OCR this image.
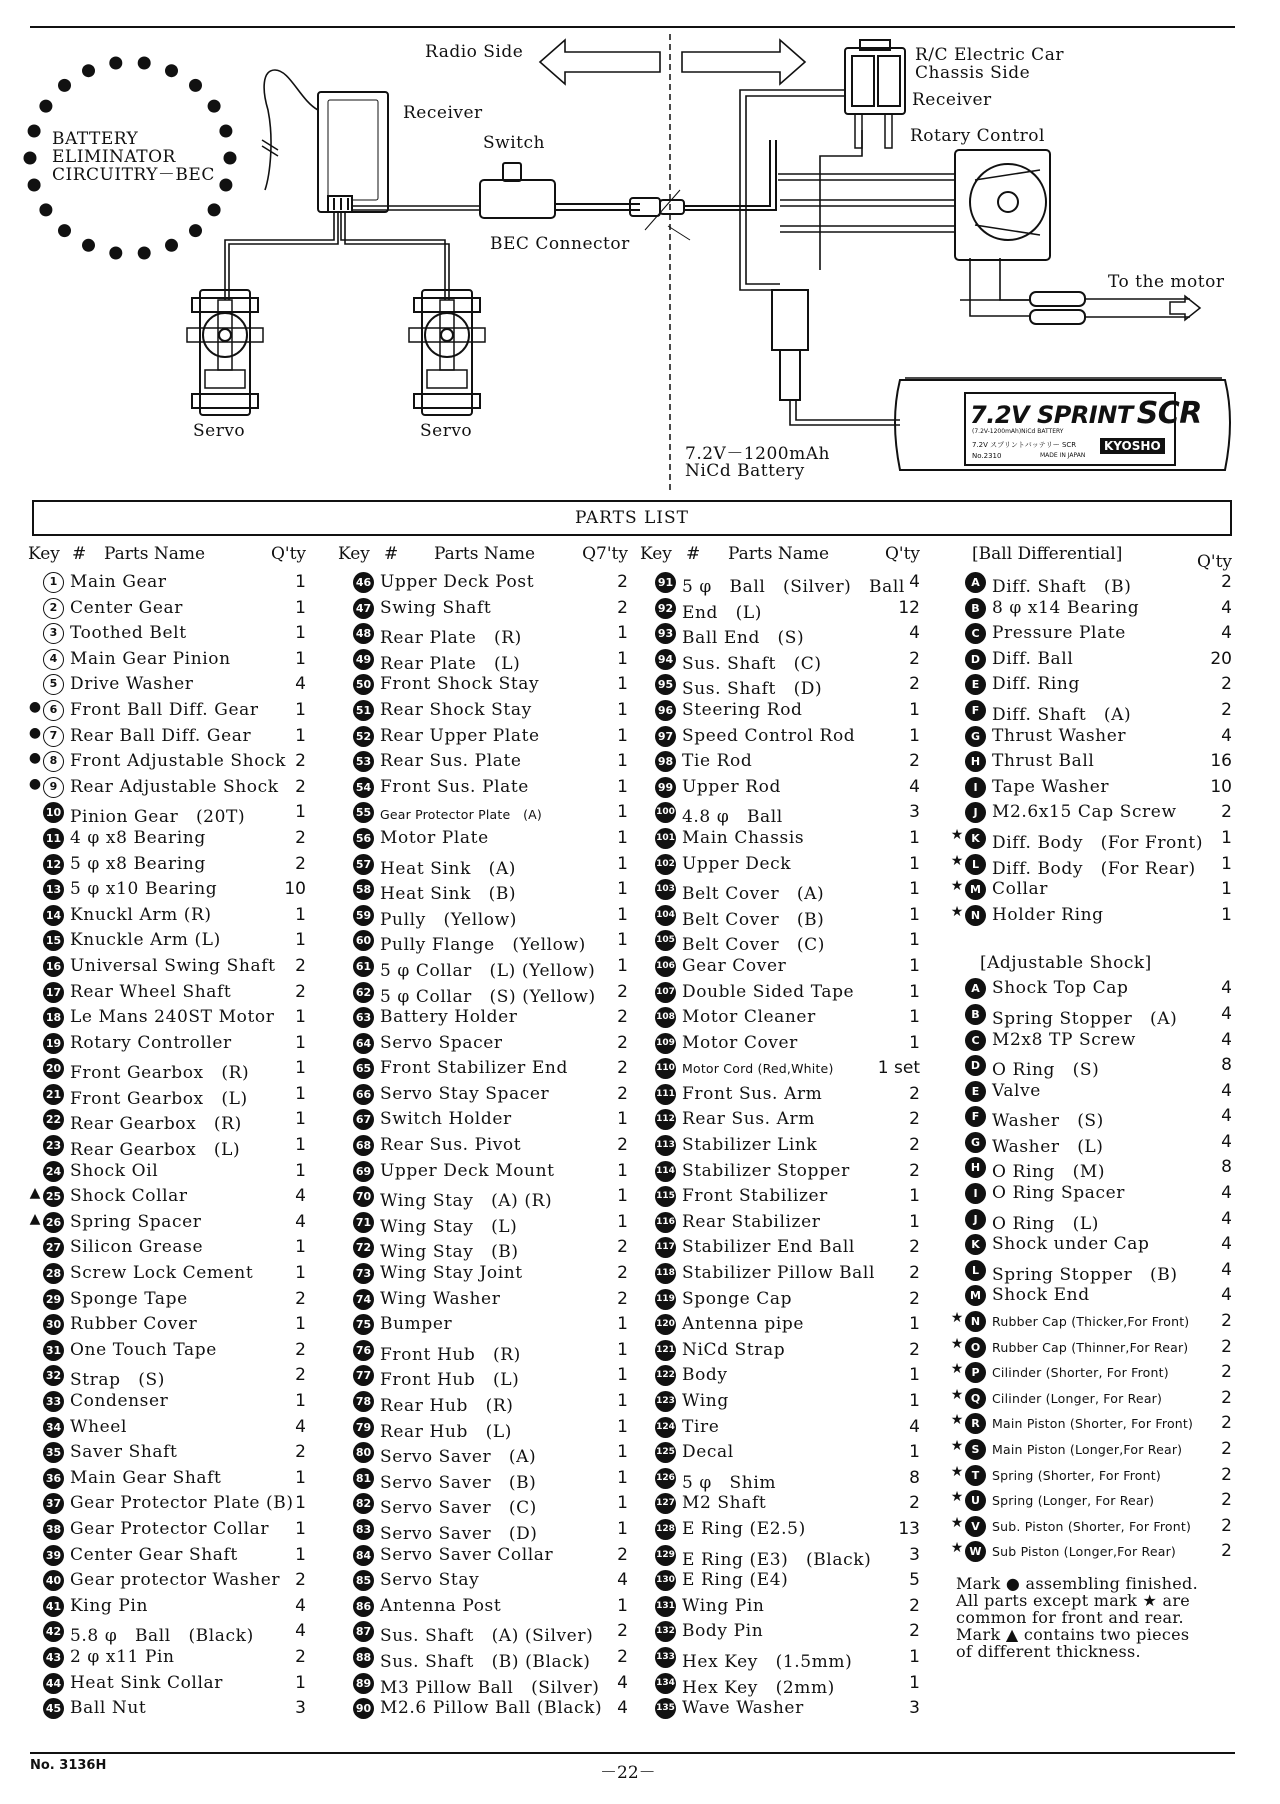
BATTERY
ELIMINATOR
CIRCUITRY－BEC
Radio Side	R/C Electric Car
Chassis Side
Receiver
Receiver
Switch	Rotary Control
BEC Connector
To the motor
Servo	Servo
7.2V－1200mAh
NiCd Battery
7.2V SPRINT SCR
(7.2V-1200mAh)NiCd BATTERY
7.2V スプリントバッテリー SCR
No.2310	MADE IN JAPAN
KYOSHO
PARTS LIST
Key # Parts Name	Q'ty
1 Main Gear	1
2 Center Gear	1
3 Toothed Belt	1
4 Main Gear Pinion	1
5 Drive Washer	4
● 6 Front Ball Diff. Gear 1
● 7 Rear Ball Diff. Gear	1
● 8 Front Adjustable Shock 2
● 9 Rear Adjustable Shock 2
10 Pinion Gear　(20T)	1
11 4 φ x8 Bearing	2
12 5 φ x8 Bearing	2
13 5 φ x10 Bearing	10
14 Knuckl Arm (R)	1
15 Knuckle Arm (L)	1
16 Universal Swing Shaft 2
17 Rear Wheel Shaft	2
18 Le Mans 240ST Motor 1
19 Rotary Controller	1
20 Front Gearbox　(R)	1
21 Front Gearbox　(L)	1
22 Rear Gearbox　(R)	1
23 Rear Gearbox　(L)	1
24 Shock Oil	1
▲ 25 Shock Collar	4
▲ 26 Spring Spacer	4
27 Silicon Grease	1
28 Screw Lock Cement 1
29 Sponge Tape	2
30 Rubber Cover	1
31 One Touch Tape	2
32 Strap　(S)	2
33 Condenser	1
34 Wheel	4
35 Saver Shaft	2
36 Main Gear Shaft	1
37 Gear Protector Plate (B) 1
38 Gear Protector Collar 1
39 Center Gear Shaft	1
40 Gear protector Washer 2
41 King Pin	4
42 5.8 φ　Ball　(Black) 4
43 2 φ x11 Pin	2
44 Heat Sink Collar	1
45 Ball Nut	3
Key # Parts Name	Q7'ty
46 Upper Deck Post	2
47 Swing Shaft	2
48 Rear Plate　(R)	1
49 Rear Plate　(L)	1
50 Front Shock Stay	1
51 Rear Shock Stay	1
52 Rear Upper Plate	1
53 Rear Sus. Plate	1
54 Front Sus. Plate	1
55 Gear Protector Plate　(A)	1
56 Motor Plate	1
57 Heat Sink　(A)	1
58 Heat Sink　(B)	1
59 Pully　(Yellow)	1
60 Pully Flange　(Yellow) 1
61 5 φ Collar　(L) (Yellow) 1
62 5 φ Collar　(S) (Yellow) 2
63 Battery Holder	2
64 Servo Spacer	2
65 Front Stabilizer End	2
66 Servo Stay Spacer	2
67 Switch Holder	1
68 Rear Sus. Pivot	2
69 Upper Deck Mount	1
70 Wing Stay　(A) (R)	1
71 Wing Stay　(L)	1
72 Wing Stay　(B)	2
73 Wing Stay Joint	2
74 Wing Washer	2
75 Bumper	1
76 Front Hub　(R)	1
77 Front Hub　(L)	1
78 Rear Hub　(R)	1
79 Rear Hub　(L)	1
80 Servo Saver　(A)	1
81 Servo Saver　(B)	1
82 Servo Saver　(C)	1
83 Servo Saver　(D)	1
84 Servo Saver Collar	2
85 Servo Stay	4
86 Antenna Post	1
87 Sus. Shaft　(A) (Silver) 2
88 Sus. Shaft　(B) (Black) 2
89 M3 Pillow Ball　(Silver) 4
90 M2.6 Pillow Ball (Black) 4
Key # Parts Name	Q'ty
91 5 φ　Ball　(Silver)　Ball 4
92 End　(L)	12
93 Ball End　(S)	4
94 Sus. Shaft　(C)	2
95 Sus. Shaft　(D)	2
96 Steering Rod	1
97 Speed Control Rod	1
98 Tie Rod	2
99 Upper Rod	4
100 4.8 φ　Ball	3
101 Main Chassis	1
102 Upper Deck	1
103 Belt Cover　(A)	1
104 Belt Cover　(B)	1
105 Belt Cover　(C)	1
106 Gear Cover	1
107 Double Sided Tape	1
108 Motor Cleaner	1
109 Motor Cover	1
110 Motor Cord (Red,White)	1 set
111 Front Sus. Arm	2
112 Rear Sus. Arm	2
113 Stabilizer Link	2
114 Stabilizer Stopper	2
115 Front Stabilizer	1
116 Rear Stabilizer	1
117 Stabilizer End Ball	2
118 Stabilizer Pillow Ball 2
119 Sponge Cap	2
120 Antenna pipe	1
121 NiCd Strap	2
122 Body	1
123 Wing	1
124 Tire	4
125 Decal	1
126 5 φ　Shim	8
127 M2 Shaft	2
128 E Ring (E2.5)	13
129 E Ring (E3)　(Black) 3
130 E Ring (E4)	5
131 Wing Pin	2
132 Body Pin	2
133 Hex Key　(1.5mm)	1
134 Hex Key　(2mm)	1
135 Wave Washer	3
[Ball Differential]	Q'ty
A Diff. Shaft　(B)	2
B 8 φ x14 Bearing	4
C Pressure Plate	4
D Diff. Ball	20
E Diff. Ring	2
F Diff. Shaft　(A)	2
G Thrust Washer	4
H Thrust Ball	16
I Tape Washer	10
J M2.6x15 Cap Screw	2
★ K Diff. Body　(For Front) 1
★ L Diff. Body　(For Rear) 1
★ M Collar	1
★ N Holder Ring	1
[Adjustable Shock]
A Shock Top Cap	4
B Spring Stopper　(A)	4
C M2x8 TP Screw	4
D O Ring　(S)	8
E Valve	4
F Washer　(S)	4
G Washer　(L)	4
H O Ring　(M)	8
I O Ring Spacer	4
J O Ring　(L)	4
K Shock under Cap	4
L Spring Stopper　(B)	4
M Shock End	4
★ N Rubber Cap (Thicker,For Front) 2
★ O Rubber Cap (Thinner,For Rear) 2
★ P Cilinder (Shorter, For Front)	2
★ Q Cilinder (Longer, For Rear)	2
★ R Main Piston (Shorter, For Front) 2
★ S	Main Piston (Longer,For Rear) 2
★ T	Spring (Shorter, For Front)	2
★ U Spring (Longer, For Rear)	2
★ V Sub. Piston (Shorter, For Front) 2
★ W Sub Piston (Longer,For Rear)	2
Mark ● assembling finished.
All parts except mark ★ are
common for front and rear.
Mark ▲ contains two pieces
of different thickness.
No. 3136H	－22－
